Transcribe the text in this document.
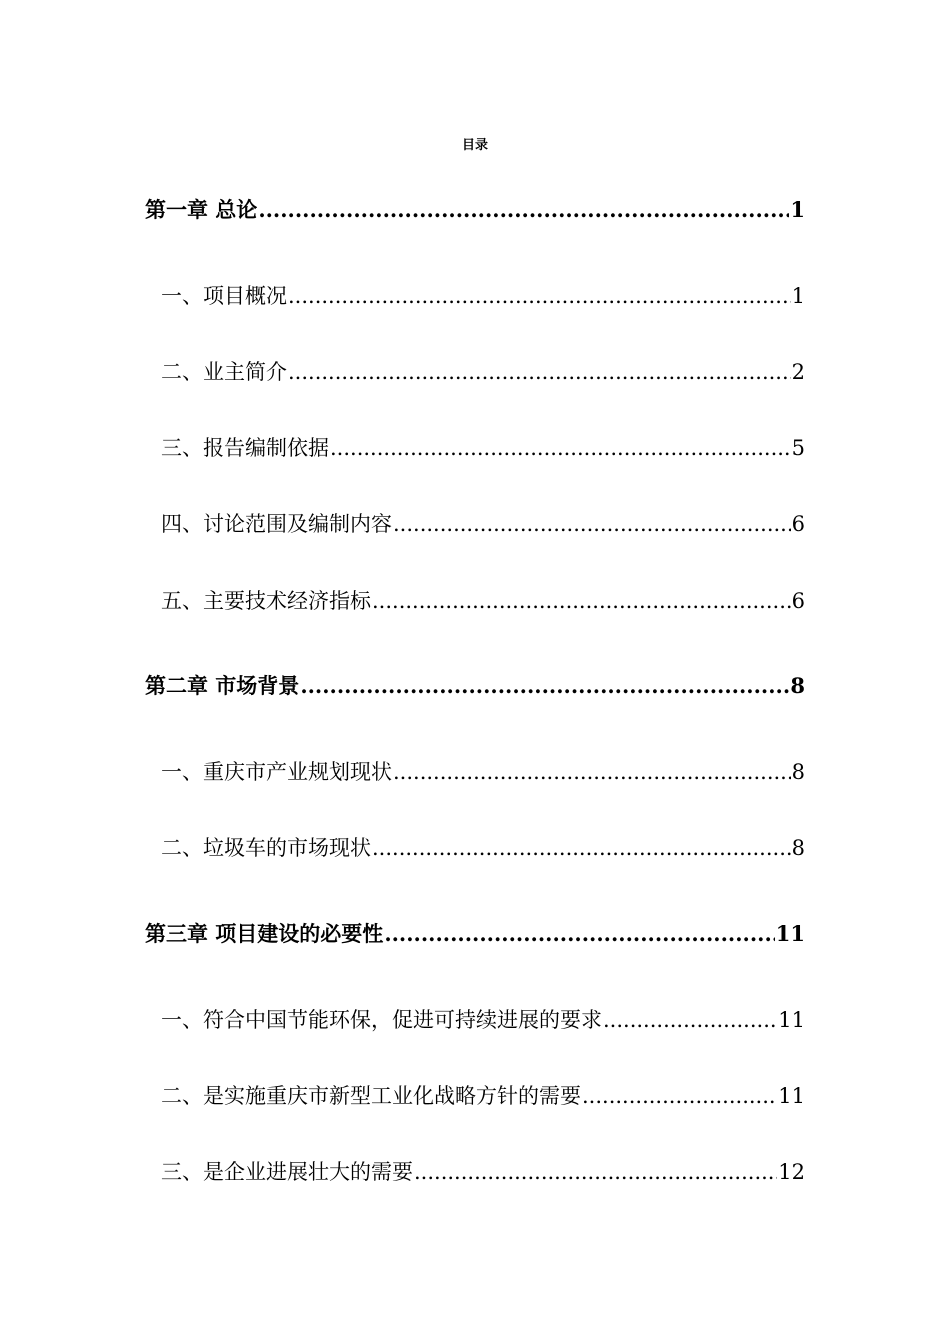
目录
第一章 总论 .....	1
一、项目概况 .....	1
二、业主简介 .....	2
三、报告编制依据 .....	5
四、讨论范围及编制内容 .....	6
五、主要技术经济指标 .....	6
第二章 市场背景 .....	8
一、重庆市产业规划现状 .....	8
二、垃圾车的市场现状 .....	8
第三章 项目建设的必要性 .....	11
一、符合中国节能环保，促进可持续进展的要求 .....	11
二、是实施重庆市新型工业化战略方针的需要 .....	11
三、是企业进展壮大的需要 .....	12
